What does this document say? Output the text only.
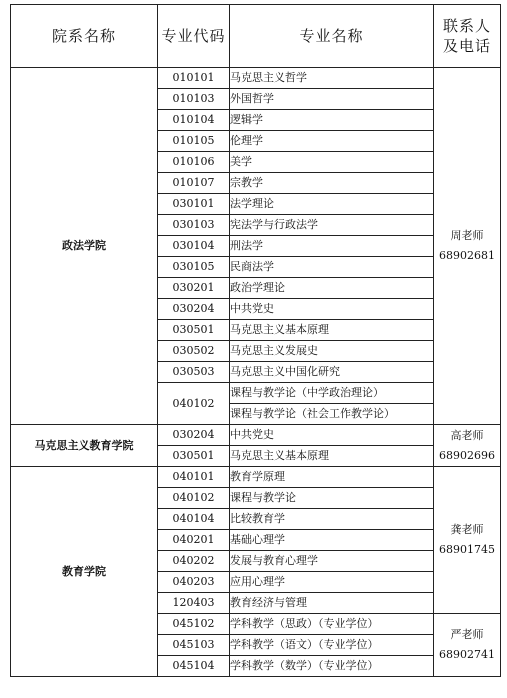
院系名称	专业代码	专业名称	联系人
及电话

政法学院	010101	马克思主义哲学	周老师
68902681

	010103	外国哲学	
	010104	逻辑学	
	010105	伦理学	
	010106	美学	
	010107	宗教学	
	030101	法学理论	
	030103	宪法学与行政法学	
	030104	刑法学	
	030105	民商法学	
	030201	政治学理论	
	030204	中共党史	
	030501	马克思主义基本原理	
	030502	马克思主义发展史	
	030503	马克思主义中国化研究	
	040102	课程与教学论（中学政治理论）	
		课程与教学论（社会工作教学论）	
马克思主义教育学院	030204	中共党史	高老师
68902696

	030501	马克思主义基本原理	
教育学院	040101	教育学原理	龚老师
68901745

	040102	课程与教学论	
	040104	比较教育学	
	040201	基础心理学	
	040202	发展与教育心理学	
	040203	应用心理学	
	120403	教育经济与管理	
	045102	学科教学（思政）（专业学位）	严老师
68902741

	045103	学科教学（语文）（专业学位）	
	045104	学科教学（数学）（专业学位）	
